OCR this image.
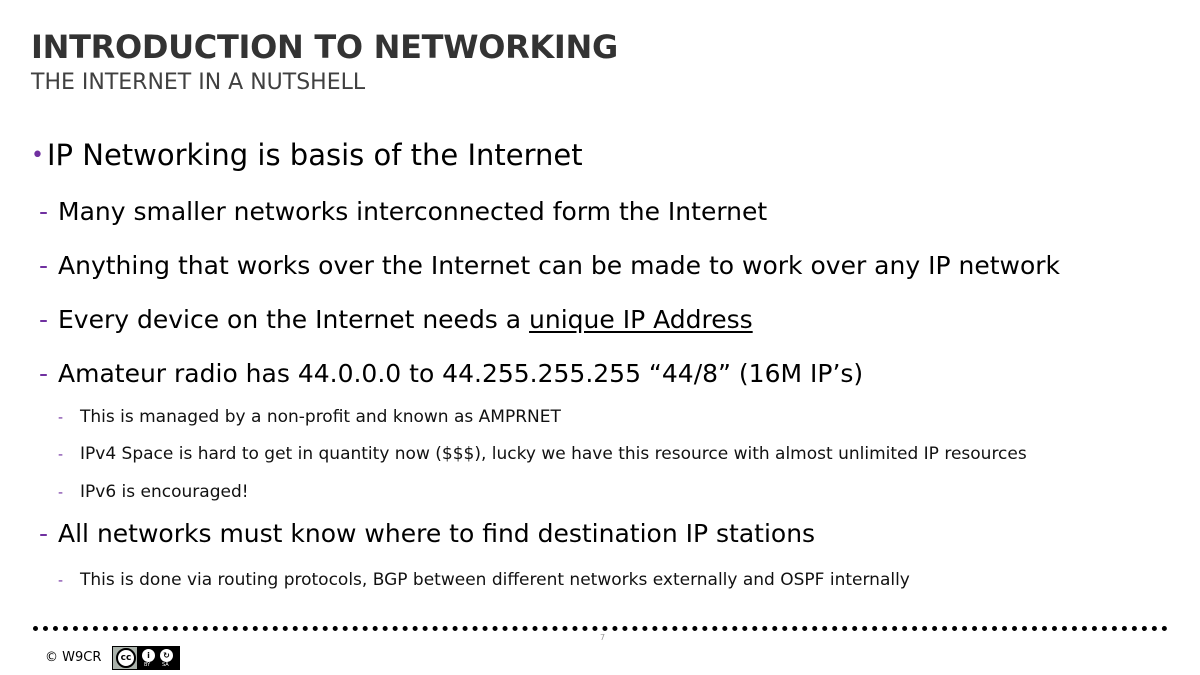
INTRODUCTION TO NETWORKING
THE INTERNET IN A NUTSHELL
• IP Networking is basis of the Internet
- Many smaller networks interconnected form the Internet
- Anything that works over the Internet can be made to work over any IP network
- Every device on the Internet needs a unique IP Address
- Amateur radio has 44.0.0.0 to 44.255.255.255 “44/8” (16M IP’s)
- This is managed by a non-profit and known as AMPRNET
- IPv4 Space is hard to get in quantity now ($$$), lucky we have this resource with almost unlimited IP resources
- IPv6 is encouraged!
- All networks must know where to find destination IP stations
- This is done via routing protocols, BGP between different networks externally and OSPF internally
7
© W9CR	cc	i	↻
BY SA
